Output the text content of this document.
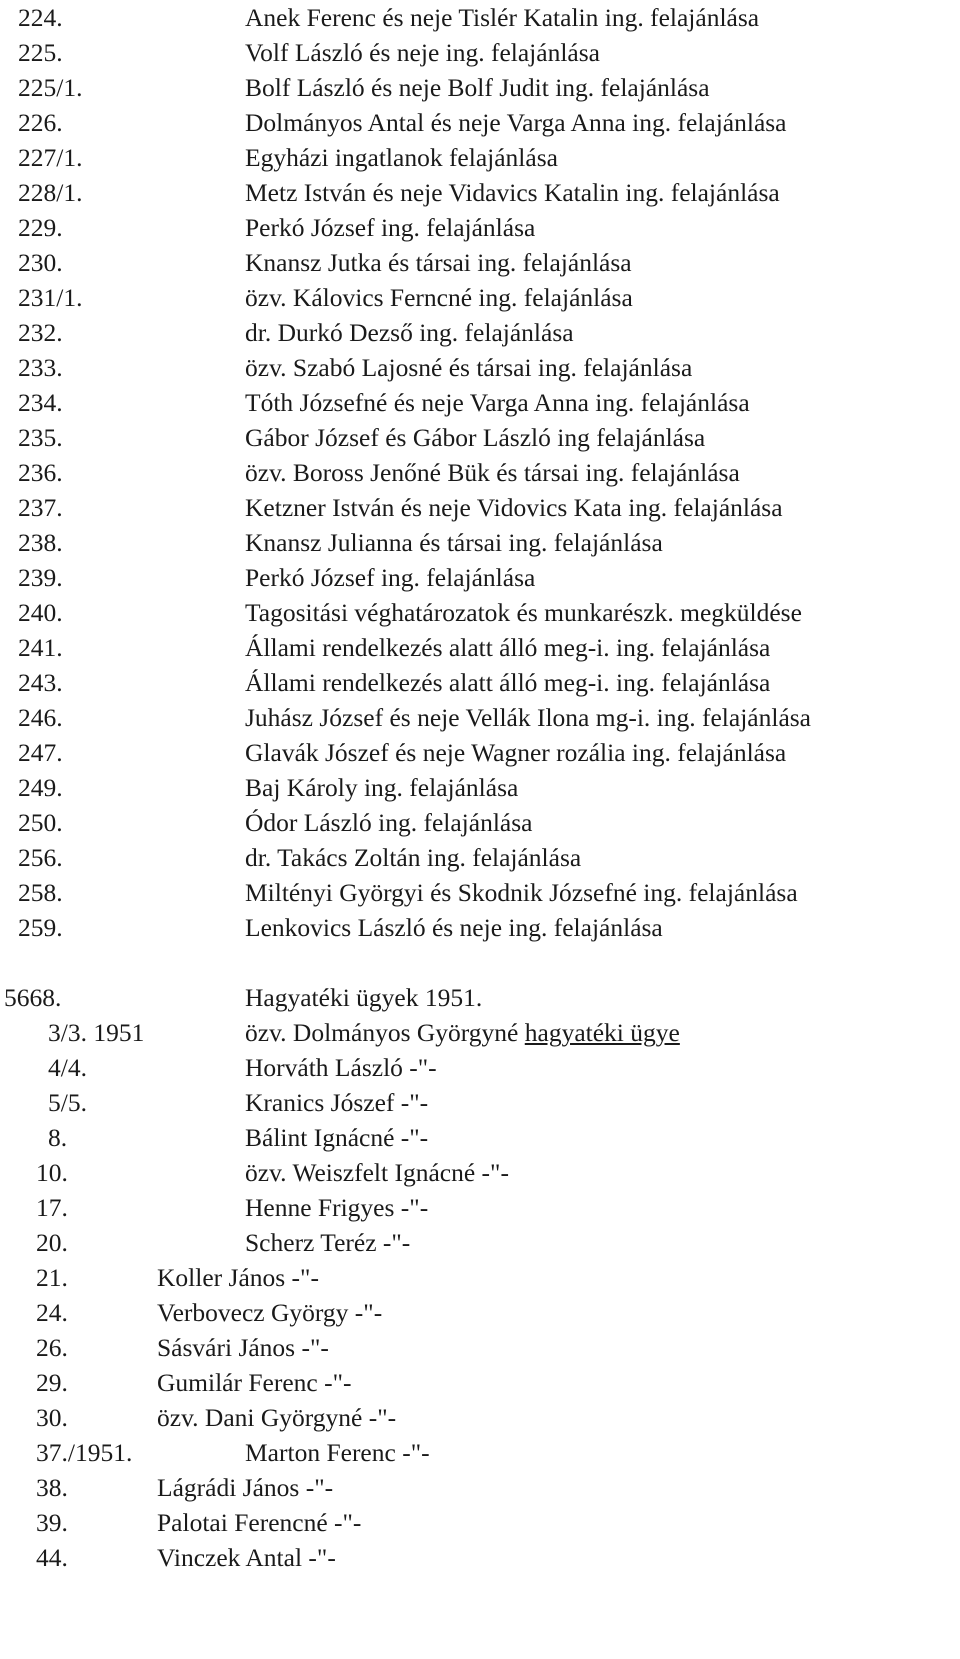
224.	Anek Ferenc és neje Tislér Katalin ing. felajánlása
225.	Volf László és neje ing. felajánlása
225/1.	Bolf László és neje Bolf Judit ing. felajánlása
226.	Dolmányos Antal és neje Varga Anna ing. felajánlása
227/1.	Egyházi ingatlanok felajánlása
228/1.	Metz István és neje Vidavics Katalin ing. felajánlása
229.	Perkó József ing. felajánlása
230.	Knansz Jutka és társai ing. felajánlása
231/1.	özv. Kálovics Ferncné ing. felajánlása
232.	dr. Durkó Dezső ing. felajánlása
233.	özv. Szabó Lajosné és társai ing. felajánlása
234.	Tóth Józsefné és neje Varga Anna ing. felajánlása
235.	Gábor József és Gábor László ing felajánlása
236.	özv. Boross Jenőné Bük és társai ing. felajánlása
237.	Ketzner István és neje Vidovics Kata ing. felajánlása
238.	Knansz Julianna és társai ing. felajánlása
239.	Perkó József ing. felajánlása
240.	Tagositási véghatározatok és munkarészk. megküldése
241.	Állami rendelkezés alatt álló meg-i. ing. felajánlása
243.	Állami rendelkezés alatt álló meg-i. ing. felajánlása
246.	Juhász József és neje Vellák Ilona mg-i. ing. felajánlása
247.	Glavák Jószef és neje Wagner rozália ing. felajánlása
249.	Baj Károly ing. felajánlása
250.	Ódor László ing. felajánlása
256.	dr. Takács Zoltán ing. felajánlása
258.	Miltényi Györgyi és Skodnik Józsefné ing. felajánlása
259.	Lenkovics László és neje ing. felajánlása
5668.	Hagyatéki ügyek 1951.
3/3. 1951	özv. Dolmányos Györgyné hagyatéki ügye
4/4.	Horváth László -"-
5/5.	Kranics Jószef -"-
8.	Bálint Ignácné -"-
10.	özv. Weiszfelt Ignácné -"-
17.	Henne Frigyes -"-
20.	Scherz Teréz -"-
21.	Koller János -"-
24.	Verbovecz György -"-
26.	Sásvári János -"-
29.	Gumilár Ferenc -"-
30.	özv. Dani Györgyné -"-
37./1951.	Marton Ferenc -"-
38.	Lágrádi János -"-
39.	Palotai Ferencné -"-
44.	Vinczek Antal -"-
